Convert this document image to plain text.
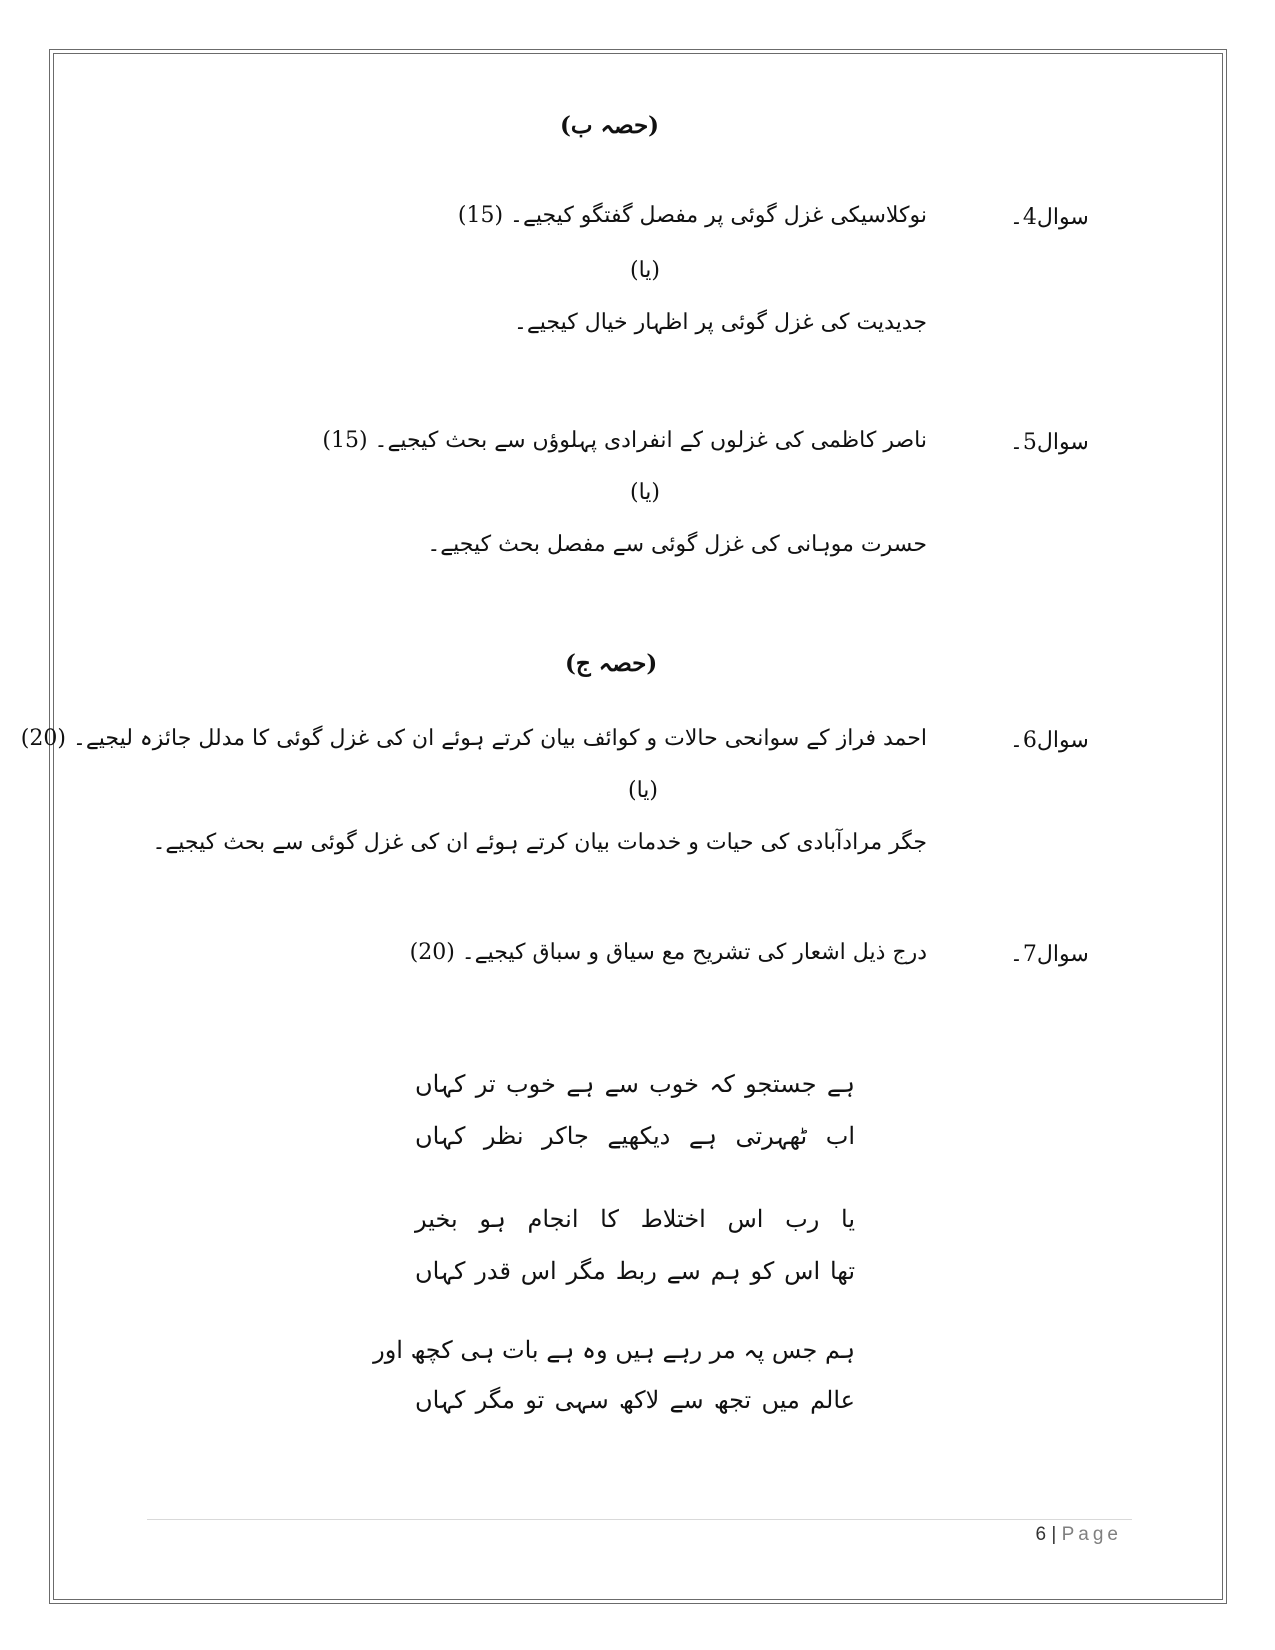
(حصہ ب)
سوال4۔
نوکلاسیکی غزل گوئی پر مفصل گفتگو کیجیے۔ (15)
(یا)
جدیدیت کی غزل گوئی پر اظہار خیال کیجیے۔
سوال5۔
ناصر کاظمی کی غزلوں کے انفرادی پہلوؤں سے بحث کیجیے۔ (15)
(یا)
حسرت موہانی کی غزل گوئی سے مفصل بحث کیجیے۔
(حصہ ج)
سوال6۔
احمد فراز کے سوانحی حالات و کوائف بیان کرتے ہوئے ان کی غزل گوئی کا مدلل جائزہ لیجیے۔ (20)
(یا)
جگر مرادآبادی کی حیات و خدمات بیان کرتے ہوئے ان کی غزل گوئی سے بحث کیجیے۔
سوال7۔
درج ذیل اشعار کی تشریح مع سیاق و سباق کیجیے۔ (20)
ہے جستجو کہ خوب سے ہے خوب تر کہاں
اب ٹھہرتی ہے دیکھیے جاکر نظر کہاں
یا رب اس اختلاط کا انجام ہو بخیر
تھا اس کو ہم سے ربط مگر اس قدر کہاں
ہم جس پہ مر رہے ہیں وہ ہے بات ہی کچھ اور
عالم میں تجھ سے لاکھ سہی تو مگر کہاں
6 | Page
